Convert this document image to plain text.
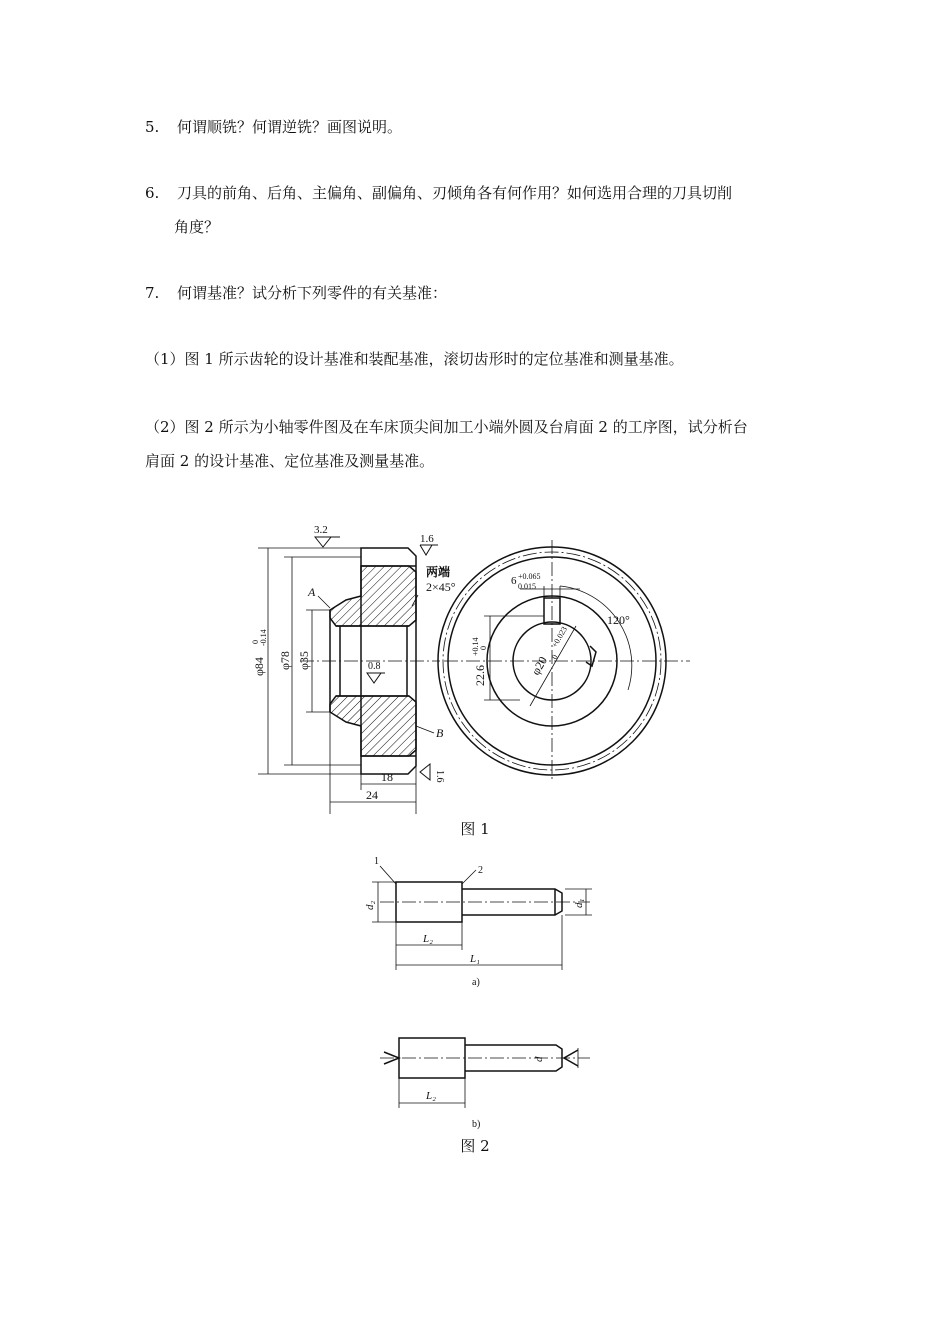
5. 何谓顺铣？何谓逆铣？画图说明。
6. 刀具的前角、后角、主偏角、副偏角、刃倾角各有何作用？如何选用合理的刀具切削
角度？
7. 何谓基准？试分析下列零件的有关基准：
（1）图 1 所示齿轮的设计基准和装配基准，滚切齿形时的定位基准和测量基准。
（2）图 2 所示为小轴零件图及在车床顶尖间加工小端外圆及台肩面 2 的工序图，试分析台
肩面 2 的设计基准、定位基准及测量基准。
3.2
1.6
0.8
1.6
两端
2×45°
A
B
φ84
0 -0.14
φ78 φ35
18
24
6 +0.065
0.015
120°
22.6
+0.14 0
φ20
+0.023
0
图 1
1
2
d₂	d₁
L₂
L₁
a)
d
L₂
b)
图 2
